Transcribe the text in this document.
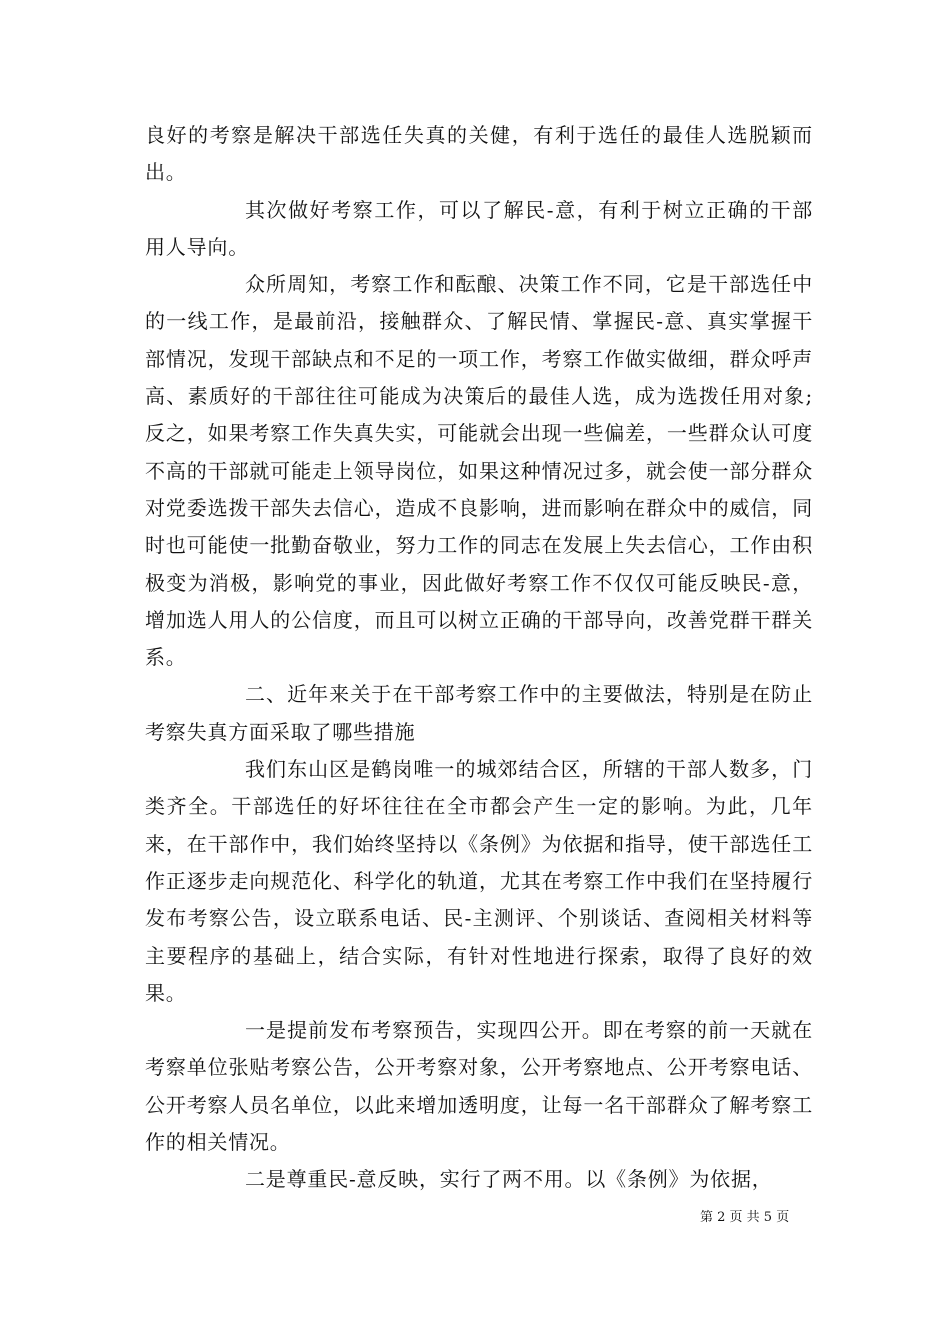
良好的考察是解决干部选任失真的关健，有利于选任的最佳人选脱颖而出。

其次做好考察工作，可以了解民-意，有利于树立正确的干部用人导向。

众所周知，考察工作和酝酿、决策工作不同，它是干部选任中的一线工作，是最前沿，接触群众、了解民情、掌握民-意、真实掌握干部情况，发现干部缺点和不足的一项工作，考察工作做实做细，群众呼声高、素质好的干部往往可能成为决策后的最佳人选，成为选拨任用对象;反之，如果考察工作失真失实，可能就会出现一些偏差，一些群众认可度不高的干部就可能走上领导岗位，如果这种情况过多，就会使一部分群众对党委选拨干部失去信心，造成不良影响，进而影响在群众中的威信，同时也可能使一批勤奋敬业，努力工作的同志在发展上失去信心，工作由积极变为消极，影响党的事业，因此做好考察工作不仅仅可能反映民-意，增加选人用人的公信度，而且可以树立正确的干部导向，改善党群干群关系。

二、近年来关于在干部考察工作中的主要做法，特别是在防止考察失真方面采取了哪些措施

我们东山区是鹤岗唯一的城郊结合区，所辖的干部人数多，门类齐全。干部选任的好坏往往在全市都会产生一定的影响。为此，几年来，在干部作中，我们始终坚持以《条例》为依据和指导，使干部选任工作正逐步走向规范化、科学化的轨道，尤其在考察工作中我们在坚持履行发布考察公告，设立联系电话、民-主测评、个别谈话、查阅相关材料等主要程序的基础上，结合实际，有针对性地进行探索，取得了良好的效果。

一是提前发布考察预告，实现四公开。即在考察的前一天就在考察单位张贴考察公告，公开考察对象，公开考察地点、公开考察电话、公开考察人员名单位，以此来增加透明度，让每一名干部群众了解考察工作的相关情况。

二是尊重民-意反映，实行了两不用。以《条例》为依据，

第 2 页 共 5 页
